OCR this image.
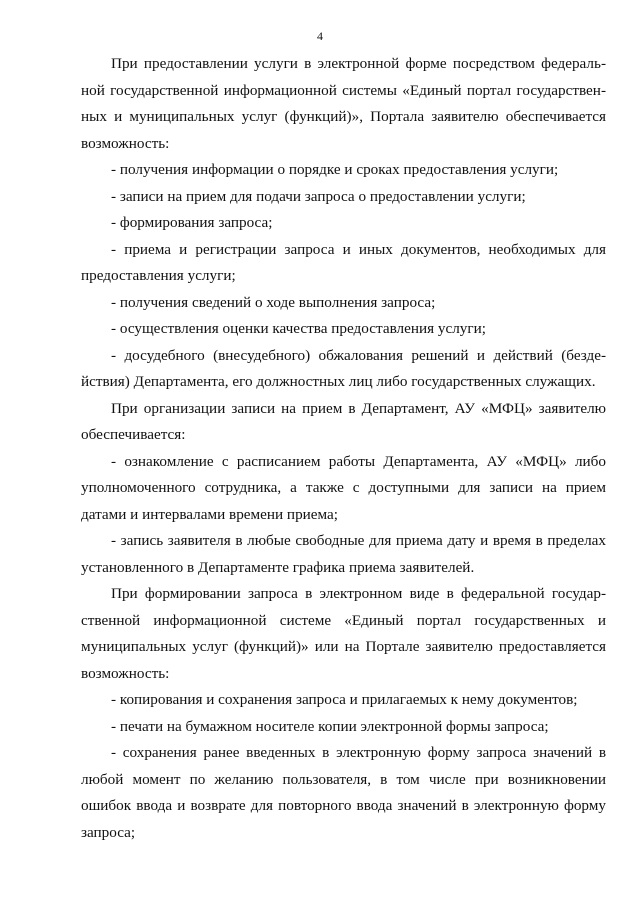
4

При предоставлении услуги в электронной форме посредством федеральной государственной информационной системы «Единый портал государственных и муниципальных услуг (функций)», Портала заявителю обеспечивается возможность:

- получения информации о порядке и сроках предоставления услуги;

- записи на прием для подачи запроса о предоставлении услуги;

- формирования запроса;

- приема и регистрации запроса и иных документов, необходимых для предоставления услуги;

- получения сведений о ходе выполнения запроса;

- осуществления оценки качества предоставления услуги;

- досудебного (внесудебного) обжалования решений и действий (бездействия) Департамента, его должностных лиц либо государственных служащих.

При организации записи на прием в Департамент, АУ «МФЦ» заявителю обеспечивается:

- ознакомление с расписанием работы Департамента, АУ «МФЦ» либо уполномоченного сотрудника, а также с доступными для записи на прием датами и интервалами времени приема;

- запись заявителя в любые свободные для приема дату и время в пределах установленного в Департаменте графика приема заявителей.

При формировании запроса в электронном виде в федеральной государственной информационной системе «Единый портал государственных и муниципальных услуг (функций)» или на Портале заявителю предоставляется возможность:

- копирования и сохранения запроса и прилагаемых к нему документов;

- печати на бумажном носителе копии электронной формы запроса;

- сохранения ранее введенных в электронную форму запроса значений в любой момент по желанию пользователя, в том числе при возникновении ошибок ввода и возврате для повторного ввода значений в электронную форму запроса;
